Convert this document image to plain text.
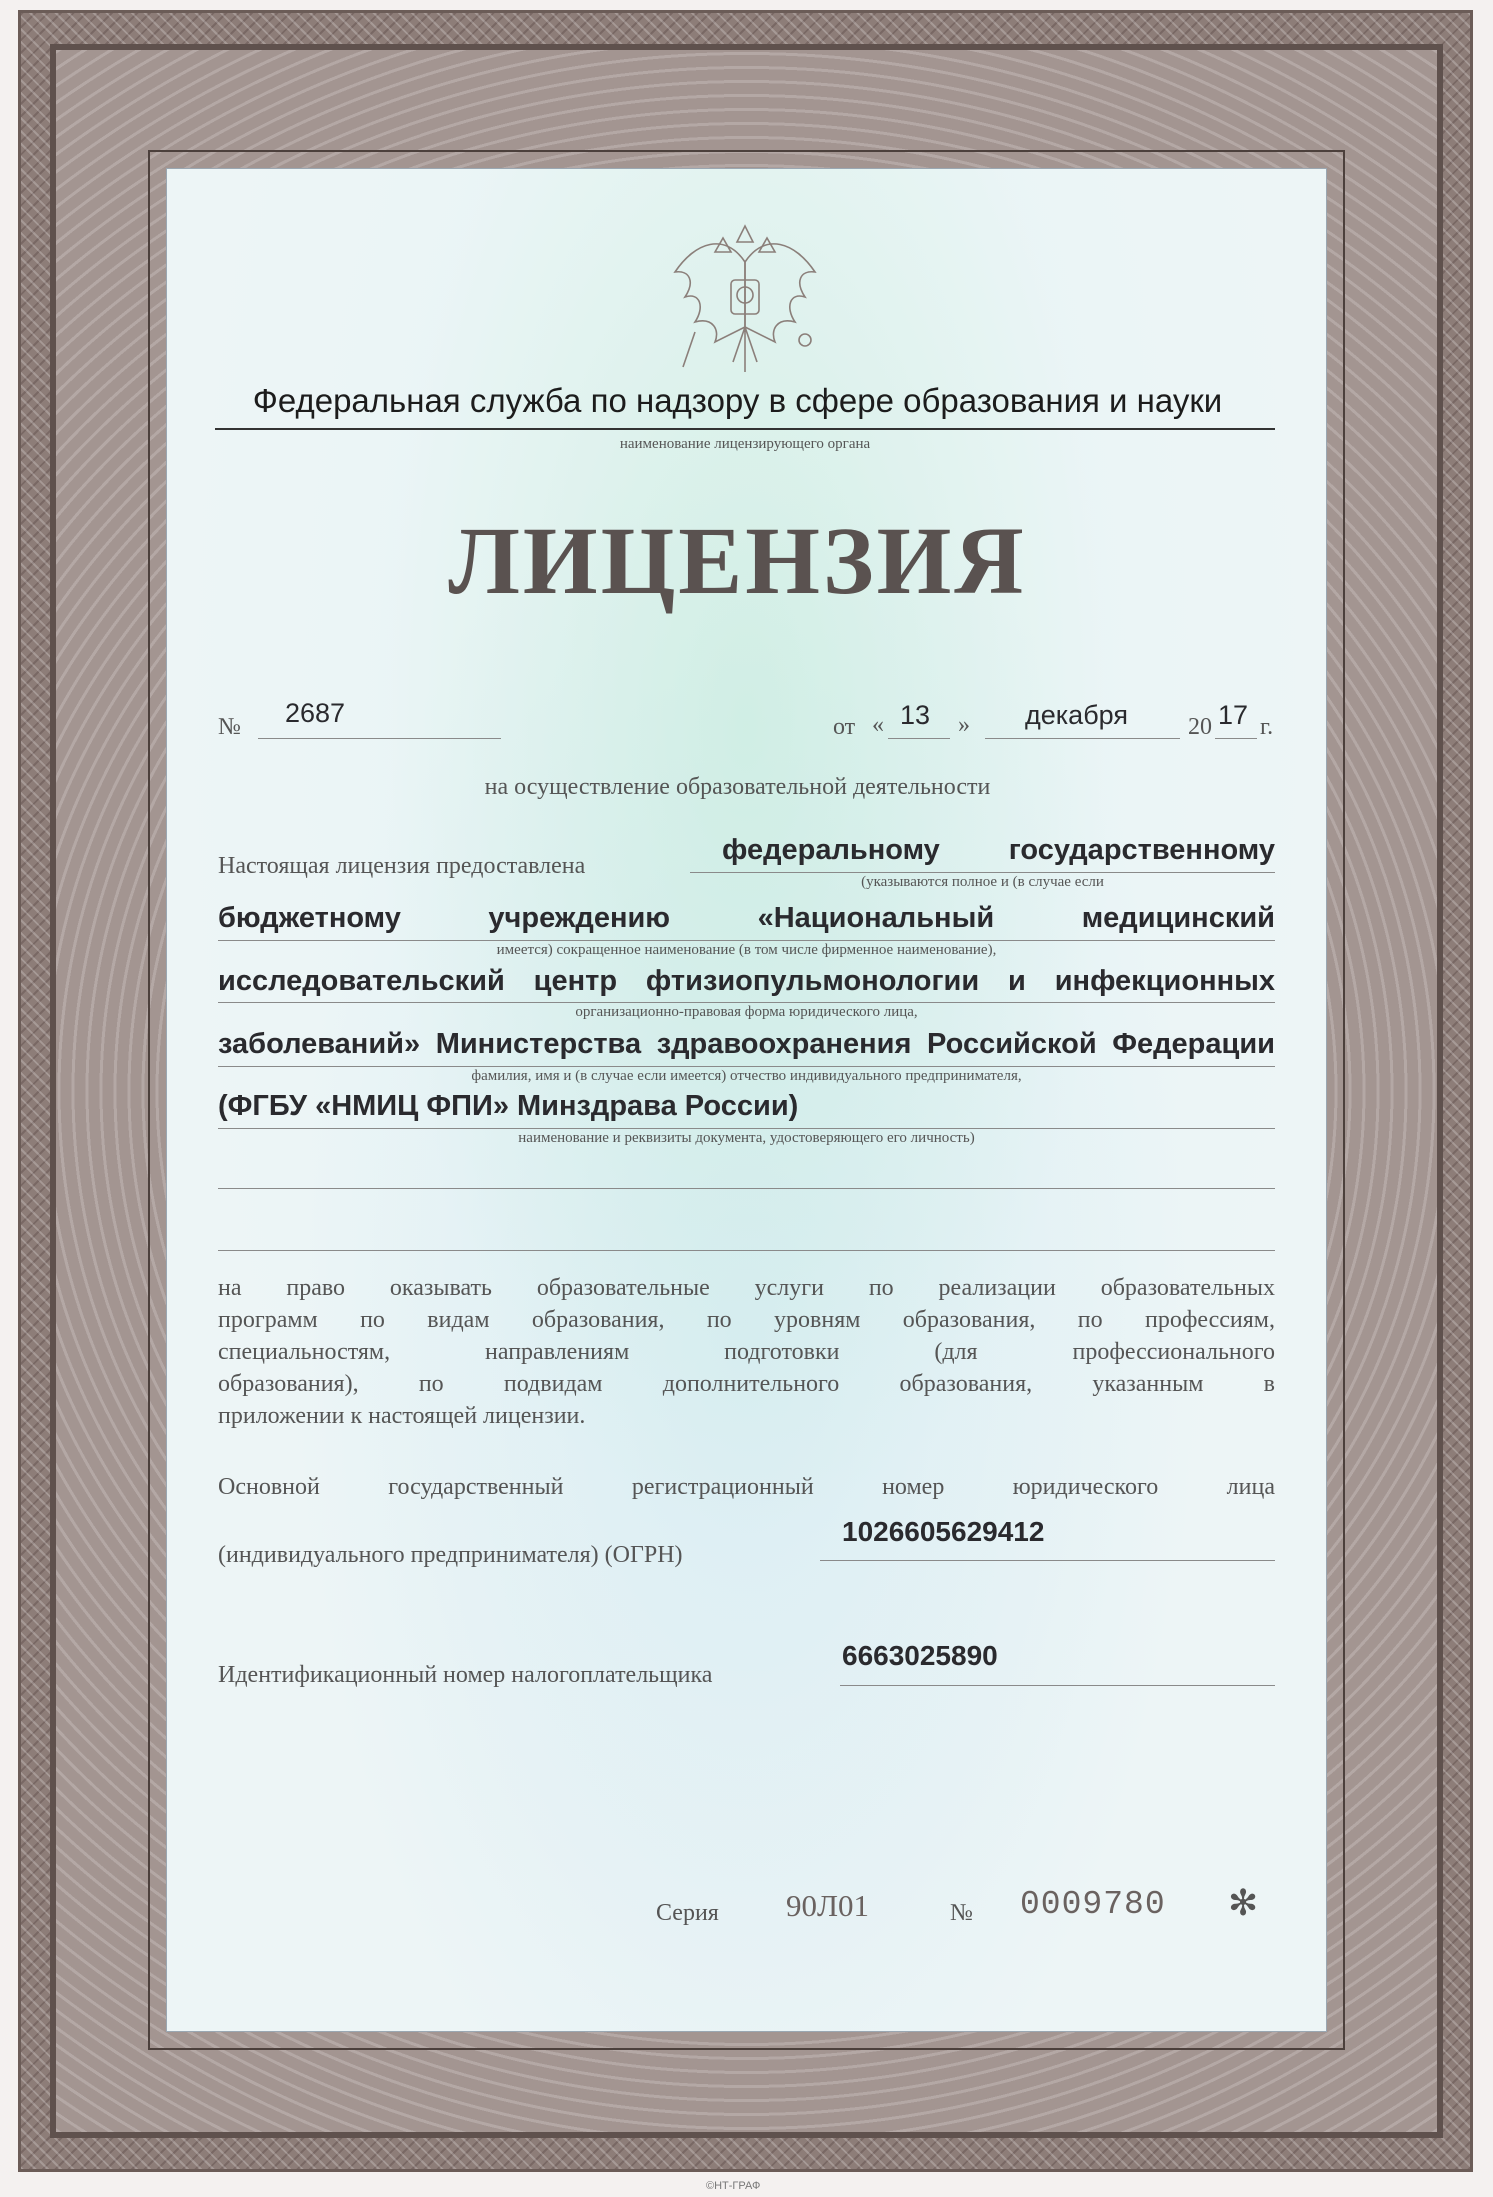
Федеральная служба по надзору в сфере образования и науки
наименование лицензирующего органа
ЛИЦЕНЗИЯ
№ 2687	от « 13 » декабря	20 17 г.
на осуществление образовательной деятельности
Настоящая лицензия предоставлена	федеральному государственному
(указываются полное и (в случае если
бюджетному учреждению «Национальный медицинский
имеется) сокращенное наименование (в том числе фирменное наименование),
исследовательский центр фтизиопульмонологии и инфекционных
организационно-правовая форма юридического лица,
заболеваний» Министерства здравоохранения Российской Федерации
фамилия, имя и (в случае если имеется) отчество индивидуального предпринимателя,
(ФГБУ «НМИЦ ФПИ» Минздрава России)
наименование и реквизиты документа, удостоверяющего его личность)
на право оказывать образовательные услуги по реализации образовательных
программ по видам образования, по уровням образования, по профессиям,
специальностям, направлениям подготовки (для профессионального
образования), по подвидам дополнительного образования, указанным в
приложении к настоящей лицензии.
Основной государственный регистрационный номер юридического лица
(индивидуального предпринимателя) (ОГРН)
1026605629412
Идентификационный номер налогоплательщика
6663025890
Серия 90Л01	№ 0009780 ✻
©НТ-ГРАФ
